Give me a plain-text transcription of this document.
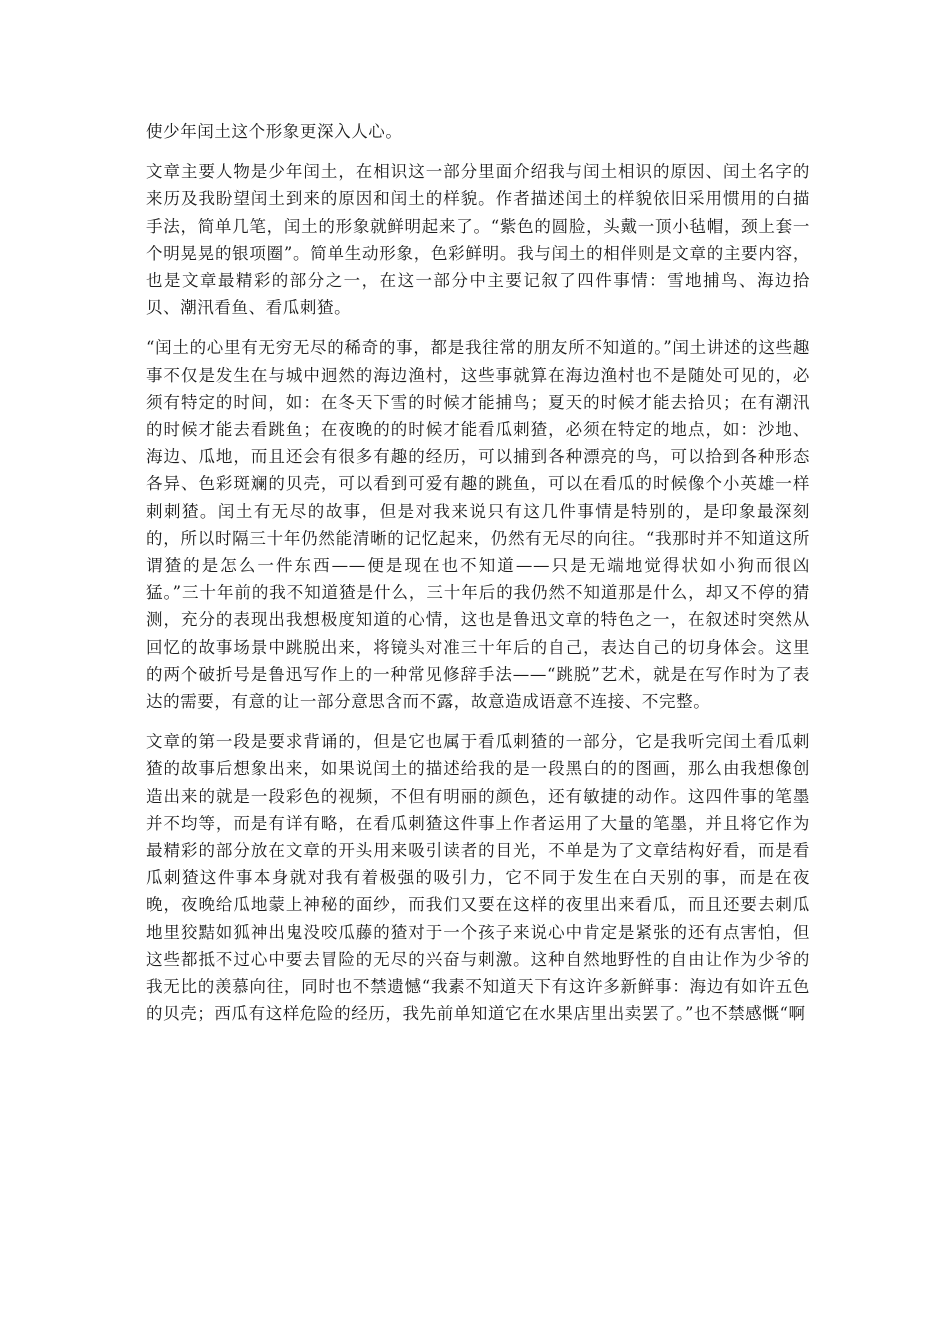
使少年闰土这个形象更深入人心。

文章主要人物是少年闰土，在相识这一部分里面介绍我与闰土相识的原因、闰土名字的来历及我盼望闰土到来的原因和闰土的样貌。作者描述闰土的样貌依旧采用惯用的白描手法，简单几笔，闰土的形象就鲜明起来了。“紫色的圆脸，头戴一顶小毡帽，颈上套一个明晃晃的银项圈”。简单生动形象，色彩鲜明。我与闰土的相伴则是文章的主要内容，也是文章最精彩的部分之一，在这一部分中主要记叙了四件事情：雪地捕鸟、海边拾贝、潮汛看鱼、看瓜刺猹。

“闰土的心里有无穷无尽的稀奇的事，都是我往常的朋友所不知道的。”闰土讲述的这些趣事不仅是发生在与城中迥然的海边渔村，这些事就算在海边渔村也不是随处可见的，必须有特定的时间，如：在冬天下雪的时候才能捕鸟；夏天的时候才能去拾贝；在有潮汛的时候才能去看跳鱼；在夜晚的的时候才能看瓜刺猹，必须在特定的地点，如：沙地、海边、瓜地，而且还会有很多有趣的经历，可以捕到各种漂亮的鸟，可以拾到各种形态各异、色彩斑斓的贝壳，可以看到可爱有趣的跳鱼，可以在看瓜的时候像个小英雄一样刺刺猹。闰土有无尽的故事，但是对我来说只有这几件事情是特别的，是印象最深刻的，所以时隔三十年仍然能清晰的记忆起来，仍然有无尽的向往。“我那时并不知道这所谓猹的是怎么一件东西——便是现在也不知道——只是无端地觉得状如小狗而很凶猛。”三十年前的我不知道猹是什么，三十年后的我仍然不知道那是什么，却又不停的猜测，充分的表现出我想极度知道的心情，这也是鲁迅文章的特色之一，在叙述时突然从回忆的故事场景中跳脱出来，将镜头对准三十年后的自己，表达自己的切身体会。这里的两个破折号是鲁迅写作上的一种常见修辞手法——“跳脱”艺术，就是在写作时为了表达的需要，有意的让一部分意思含而不露，故意造成语意不连接、不完整。

文章的第一段是要求背诵的，但是它也属于看瓜刺猹的一部分，它是我听完闰土看瓜刺猹的故事后想象出来，如果说闰土的描述给我的是一段黑白的的图画，那么由我想像创造出来的就是一段彩色的视频，不但有明丽的颜色，还有敏捷的动作。这四件事的笔墨并不均等，而是有详有略，在看瓜刺猹这件事上作者运用了大量的笔墨，并且将它作为最精彩的部分放在文章的开头用来吸引读者的目光，不单是为了文章结构好看，而是看瓜刺猹这件事本身就对我有着极强的吸引力，它不同于发生在白天别的事，而是在夜晚，夜晚给瓜地蒙上神秘的面纱，而我们又要在这样的夜里出来看瓜，而且还要去刺瓜地里狡黠如狐神出鬼没咬瓜藤的猹对于一个孩子来说心中肯定是紧张的还有点害怕，但这些都抵不过心中要去冒险的无尽的兴奋与刺激。这种自然地野性的自由让作为少爷的我无比的羡慕向往，同时也不禁遗憾“我素不知道天下有这许多新鲜事：海边有如许五色的贝壳；西瓜有这样危险的经历，我先前单知道它在水果店里出卖罢了。”也不禁感慨“啊
